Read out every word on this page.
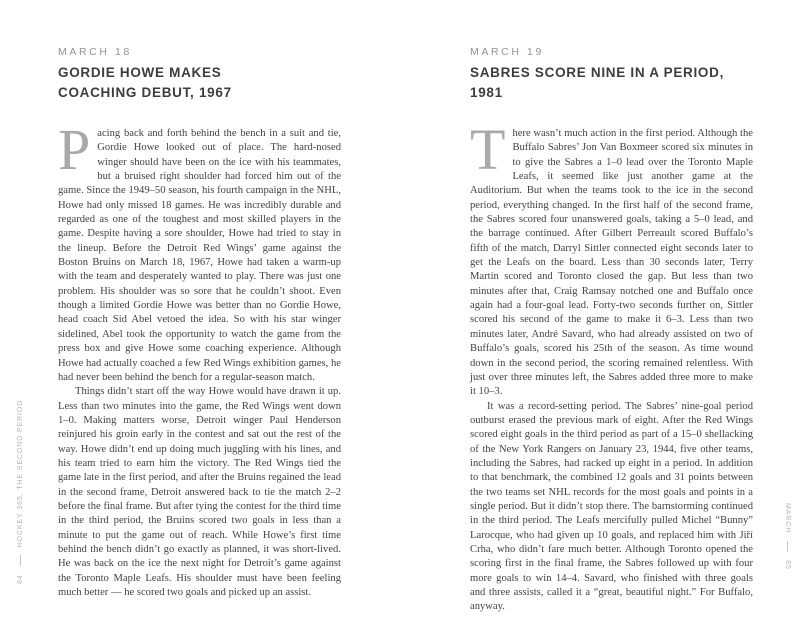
MARCH 18
GORDIE HOWE MAKES COACHING DEBUT, 1967

Pacing back and forth behind the bench in a suit and tie, Gordie Howe looked out of place. The hard-nosed winger should have been on the ice with his teammates, but a bruised right shoulder had forced him out of the game. Since the 1949–50 season, his fourth campaign in the NHL, Howe had only missed 18 games. He was incredibly durable and regarded as one of the toughest and most skilled players in the game. Despite having a sore shoulder, Howe had tried to stay in the lineup. Before the Detroit Red Wings’ game against the Boston Bruins on March 18, 1967, Howe had taken a warm-up with the team and desperately wanted to play. There was just one problem. His shoulder was so sore that he couldn’t shoot. Even though a limited Gordie Howe was better than no Gordie Howe, head coach Sid Abel vetoed the idea. So with his star winger sidelined, Abel took the opportunity to watch the game from the press box and give Howe some coaching experience. Although Howe had actually coached a few Red Wings exhibition games, he had never been behind the bench for a regular-season match.

Things didn’t start off the way Howe would have drawn it up. Less than two minutes into the game, the Red Wings went down 1–0. Making matters worse, Detroit winger Paul Henderson reinjured his groin early in the contest and sat out the rest of the way. Howe didn’t end up doing much juggling with his lines, and his team tried to earn him the victory. The Red Wings tied the game late in the first period, and after the Bruins regained the lead in the second frame, Detroit answered back to tie the match 2–2 before the final frame. But after tying the contest for the third time in the third period, the Bruins scored two goals in less than a minute to put the game out of reach. While Howe’s first time behind the bench didn’t go exactly as planned, it was short-lived. He was back on the ice the next night for Detroit’s game against the Toronto Maple Leafs. His shoulder must have been feeling much better — he scored two goals and picked up an assist.

MARCH 19
SABRES SCORE NINE IN A PERIOD, 1981

There wasn’t much action in the first period. Although the Buffalo Sabres’ Jon Van Boxmeer scored six minutes in to give the Sabres a 1–0 lead over the Toronto Maple Leafs, it seemed like just another game at the Auditorium. But when the teams took to the ice in the second period, everything changed. In the first half of the second frame, the Sabres scored four unanswered goals, taking a 5–0 lead, and the barrage continued. After Gilbert Perreault scored Buffalo’s fifth of the match, Darryl Sittler connected eight seconds later to get the Leafs on the board. Less than 30 seconds later, Terry Martin scored and Toronto closed the gap. But less than two minutes after that, Craig Ramsay notched one and Buffalo once again had a four-goal lead. Forty-two seconds further on, Sittler scored his second of the game to make it 6–3. Less than two minutes later, André Savard, who had already assisted on two of Buffalo’s goals, scored his 25th of the season. As time wound down in the second period, the scoring remained relentless. With just over three minutes left, the Sabres added three more to make it 10–3.

It was a record-setting period. The Sabres’ nine-goal period outburst erased the previous mark of eight. After the Red Wings scored eight goals in the third period as part of a 15–0 shellacking of the New York Rangers on January 23, 1944, five other teams, including the Sabres, had racked up eight in a period. In addition to that benchmark, the combined 12 goals and 31 points between the two teams set NHL records for the most goals and points in a single period. But it didn’t stop there. The barnstorming continued in the third period. The Leafs mercifully pulled Michel “Bunny” Larocque, who had given up 10 goals, and replaced him with Jiří Crha, who didn’t fare much better. Although Toronto opened the scoring first in the final frame, the Sabres followed up with four more goals to win 14–4. Savard, who finished with three goals and three assists, called it a “great, beautiful night.” For Buffalo, anyway.

84
HOCKEY 365, THE SECOND PERIOD	MARCH
85
